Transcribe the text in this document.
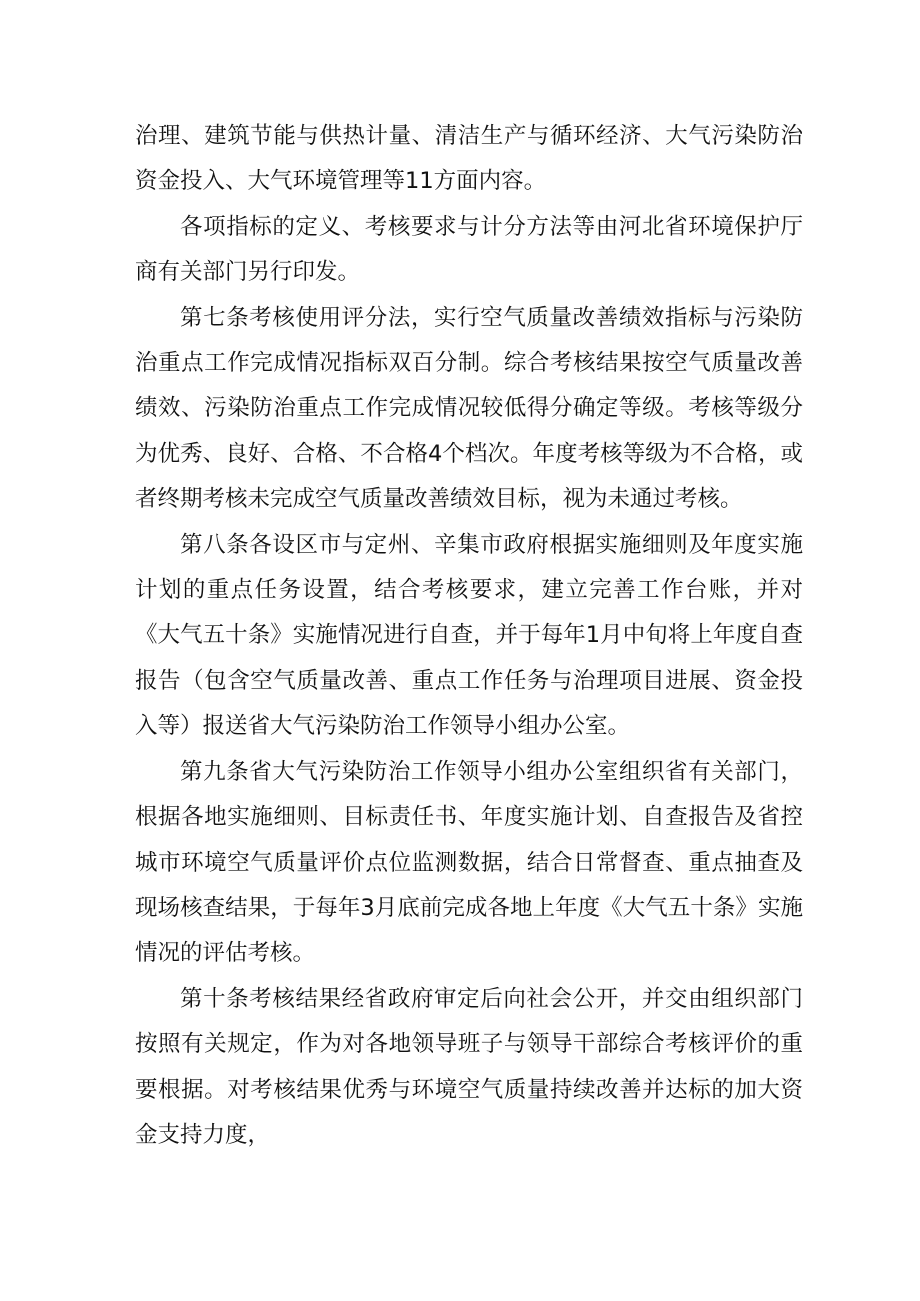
治理、建筑节能与供热计量、清洁生产与循环经济、大气污染防治资金投入、大气环境管理等11方面内容。

各项指标的定义、考核要求与计分方法等由河北省环境保护厅商有关部门另行印发。

第七条考核使用评分法，实行空气质量改善绩效指标与污染防治重点工作完成情况指标双百分制。综合考核结果按空气质量改善绩效、污染防治重点工作完成情况较低得分确定等级。考核等级分为优秀、良好、合格、不合格4个档次。年度考核等级为不合格，或者终期考核未完成空气质量改善绩效目标，视为未通过考核。

第八条各设区市与定州、辛集市政府根据实施细则及年度实施计划的重点任务设置，结合考核要求，建立完善工作台账，并对《大气五十条》实施情况进行自查，并于每年1月中旬将上年度自查报告（包含空气质量改善、重点工作任务与治理项目进展、资金投入等）报送省大气污染防治工作领导小组办公室。

第九条省大气污染防治工作领导小组办公室组织省有关部门，根据各地实施细则、目标责任书、年度实施计划、自查报告及省控城市环境空气质量评价点位监测数据，结合日常督查、重点抽查及现场核查结果，于每年3月底前完成各地上年度《大气五十条》实施情况的评估考核。

第十条考核结果经省政府审定后向社会公开，并交由组织部门按照有关规定，作为对各地领导班子与领导干部综合考核评价的重要根据。对考核结果优秀与环境空气质量持续改善并达标的加大资金支持力度，
